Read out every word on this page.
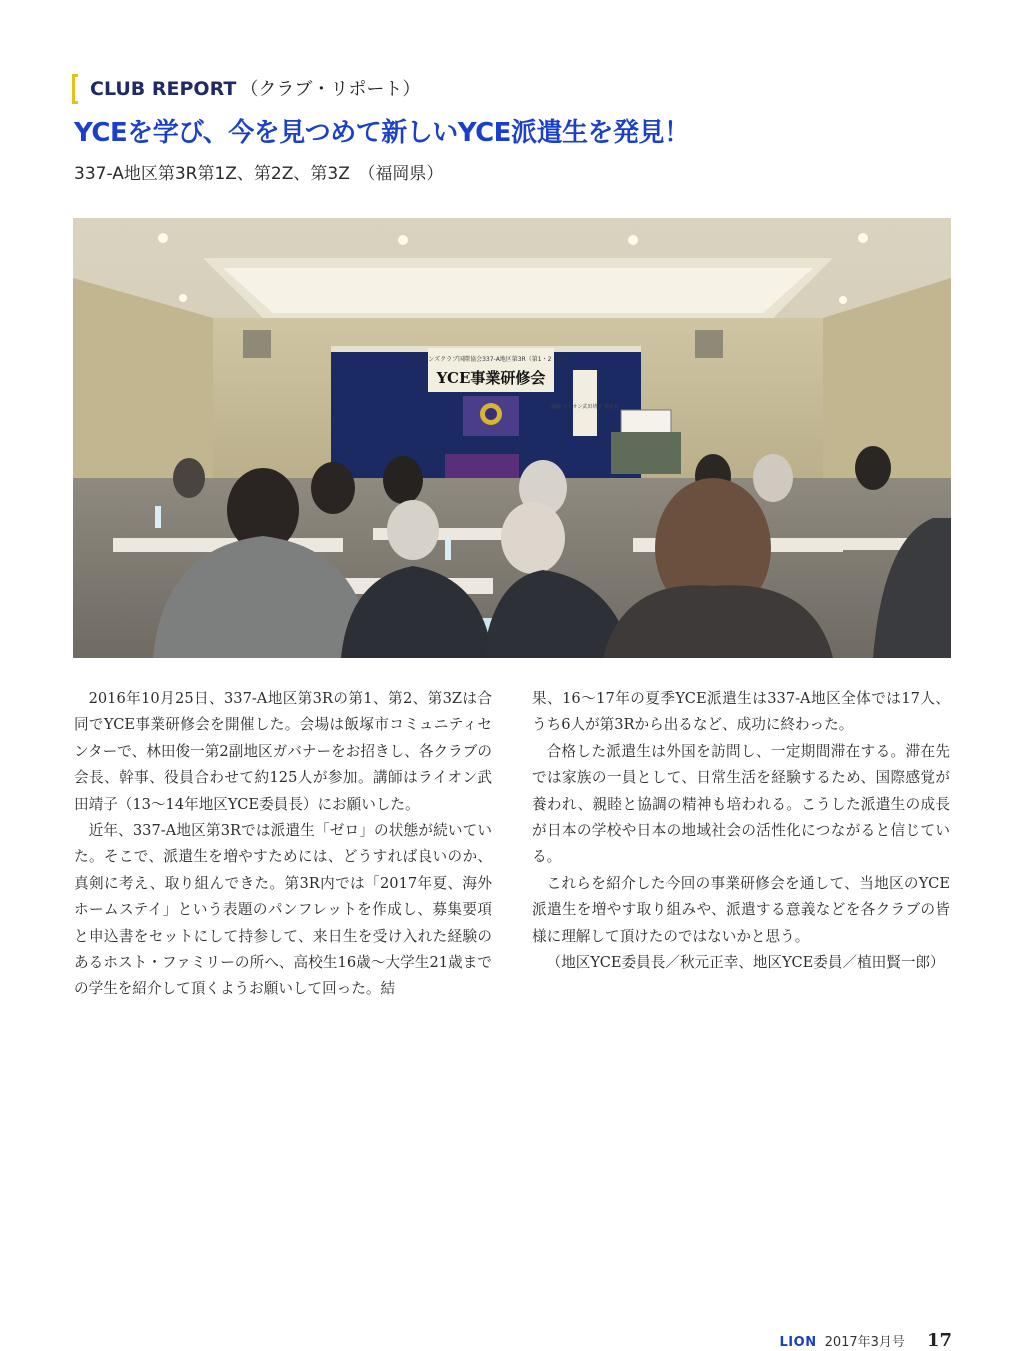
CLUB REPORT （クラブ・リポート）
YCEを学び、今を見つめて新しいYCE派遣生を発見！
337-A地区第3R第1Z、第2Z、第3Z　（福岡県）
ライオンズクラブ国際協会337-A地区第3R（第1・2・3Z）
YCE事業研修会
講師 ライオン武田靖子 委員長

2016年10月25日、337-A地区第3Rの第1、第2、第3Zは合同でYCE事業研修会を開催した。会場は飯塚市コミュニティセンターで、林田俊一第2副地区ガバナーをお招きし、各クラブの会長、幹事、役員合わせて約125人が参加。講師はライオン武田靖子（13～14年地区YCE委員長）にお願いした。

近年、337-A地区第3Rでは派遣生「ゼロ」の状態が続いていた。そこで、派遣生を増やすためには、どうすれば良いのか、真剣に考え、取り組んできた。第3R内では「2017年夏、海外ホームステイ」という表題のパンフレットを作成し、募集要項と申込書をセットにして持参して、来日生を受け入れた経験のあるホスト・ファミリーの所へ、高校生16歳～大学生21歳までの学生を紹介して頂くようお願いして回った。結

果、16～17年の夏季YCE派遣生は337-A地区全体では17人、うち6人が第3Rから出るなど、成功に終わった。

合格した派遣生は外国を訪問し、一定期間滞在する。滞在先では家族の一員として、日常生活を経験するため、国際感覚が養われ、親睦と協調の精神も培われる。こうした派遣生の成長が日本の学校や日本の地域社会の活性化につながると信じている。

これらを紹介した今回の事業研修会を通して、当地区のYCE派遣生を増やす取り組みや、派遣する意義などを各クラブの皆様に理解して頂けたのではないかと思う。

（地区YCE委員長／秋元正幸、地区YCE委員／植田賢一郎）

LION 2017年3月号 17
